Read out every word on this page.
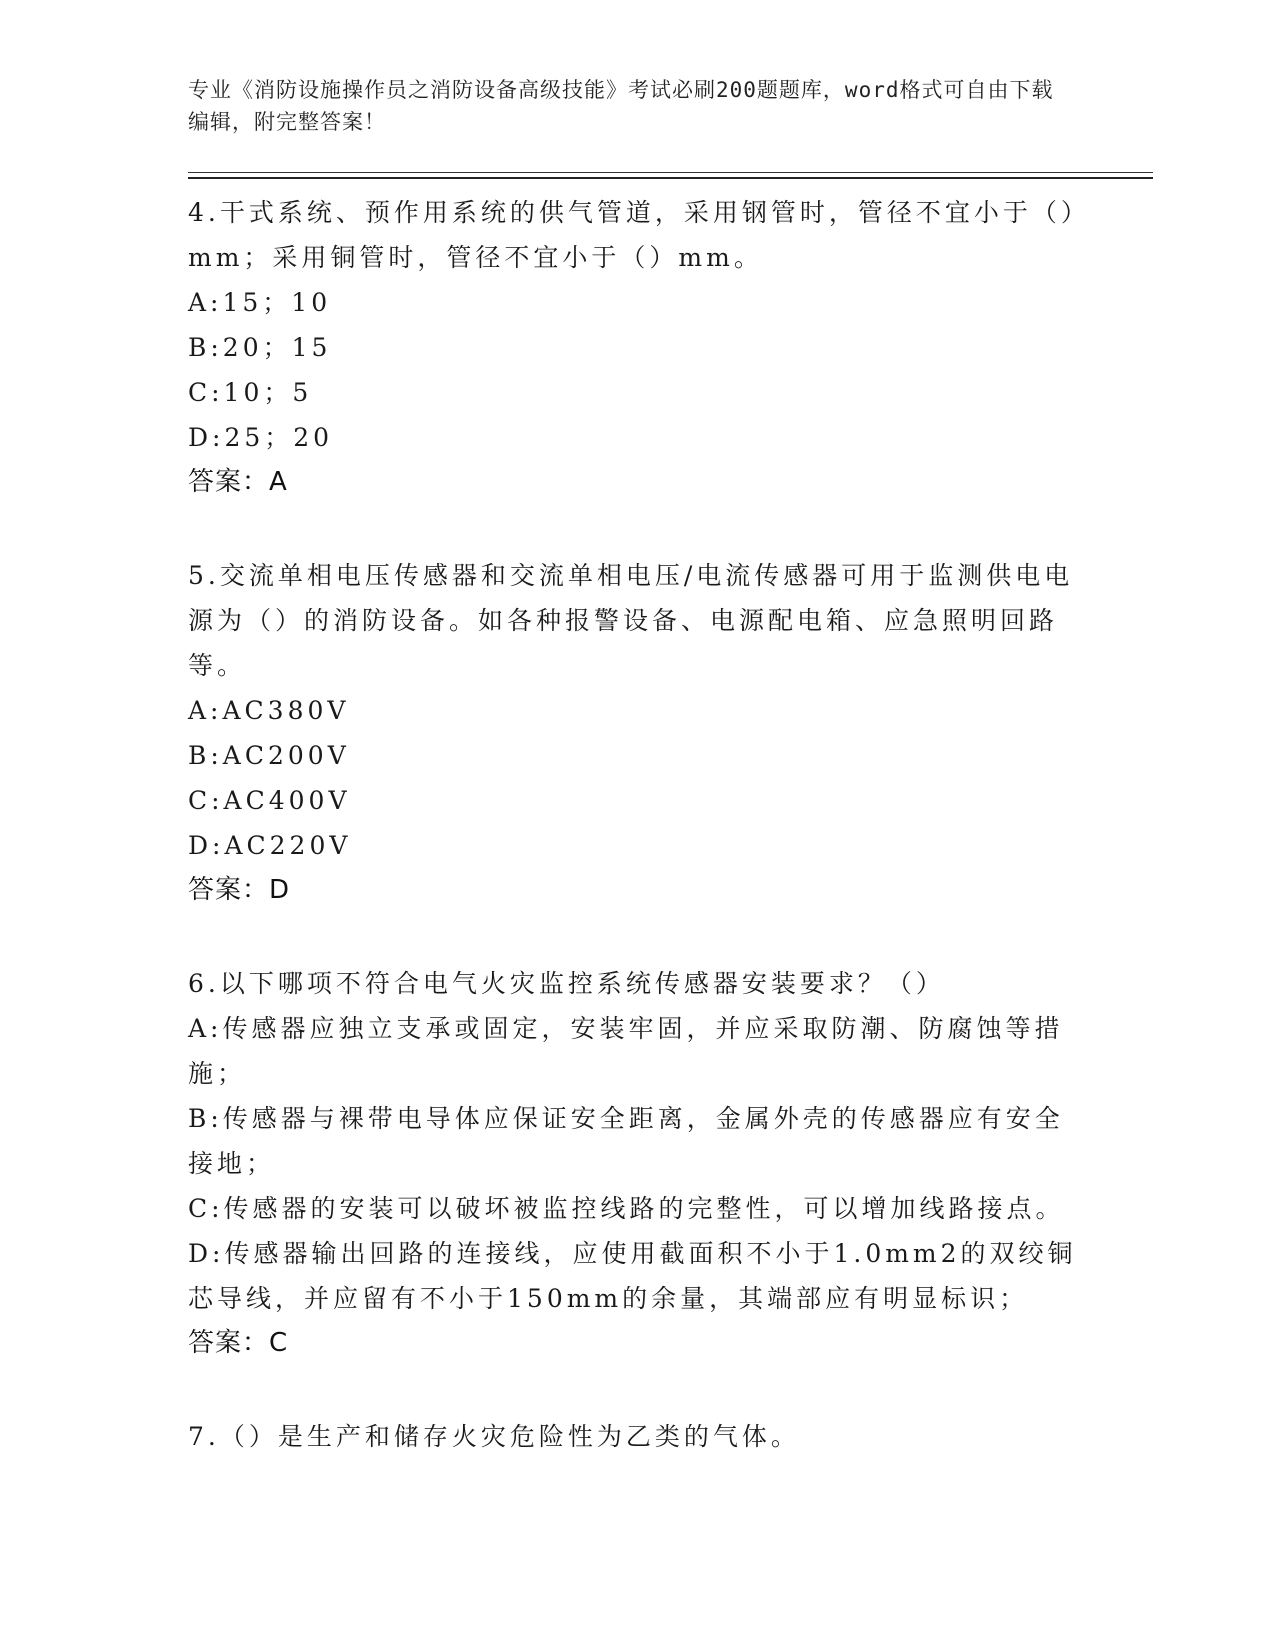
专业《消防设施操作员之消防设备高级技能》考试必刷200题题库，word格式可自由下载编辑，附完整答案！

4.干式系统、预作用系统的供气管道，采用钢管时，管径不宜小于（）mm；采用铜管时，管径不宜小于（）mm。

A:15；10

B:20；15

C:10；5

D:25；20

答案：A

5.交流单相电压传感器和交流单相电压/电流传感器可用于监测供电电源为（）的消防设备。如各种报警设备、电源配电箱、应急照明回路等。

A:AC380V

B:AC200V

C:AC400V

D:AC220V

答案：D

6.以下哪项不符合电气火灾监控系统传感器安装要求？（）

A:传感器应独立支承或固定，安装牢固，并应采取防潮、防腐蚀等措施；

B:传感器与裸带电导体应保证安全距离，金属外壳的传感器应有安全接地；

C:传感器的安装可以破坏被监控线路的完整性，可以增加线路接点。

D:传感器输出回路的连接线，应使用截面积不小于1.0mm2的双绞铜芯导线，并应留有不小于150mm的余量，其端部应有明显标识；

答案：C

7.（）是生产和储存火灾危险性为乙类的气体。
